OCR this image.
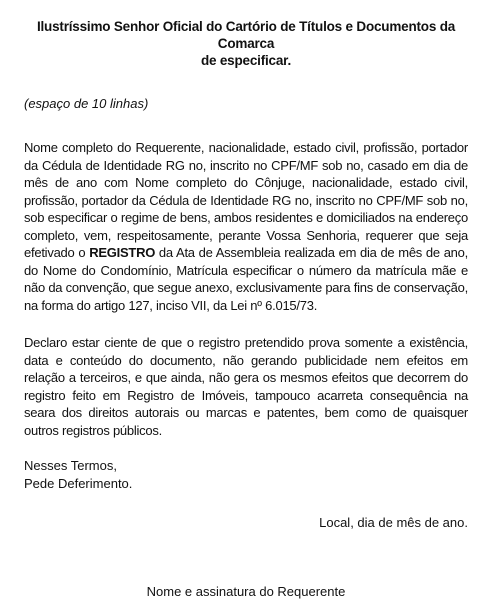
Ilustríssimo Senhor Oficial do Cartório de Títulos e Documentos da Comarca
de especificar.

(espaço de 10 linhas)

Nome completo do Requerente, nacionalidade, estado civil, profissão, portador da Cédula de Identidade RG no, inscrito no CPF/MF sob no, casado em dia de mês de ano com Nome completo do Cônjuge, nacionalidade, estado civil, profissão, portador da Cédula de Identidade RG no, inscrito no CPF/MF sob no, sob especificar o regime de bens, ambos residentes e domiciliados na endereço completo, vem, respeitosamente, perante Vossa Senhoria, requerer que seja efetivado o REGISTRO da Ata de Assembleia realizada em dia de mês de ano, do Nome do Condomínio, Matrícula especificar o número da matrícula mãe e não da convenção, que segue anexo, exclusivamente para fins de conservação, na forma do artigo 127, inciso VII, da Lei nº 6.015/73.

Declaro estar ciente de que o registro pretendido prova somente a existência, data e conteúdo do documento, não gerando publicidade nem efeitos em relação a terceiros, e que ainda, não gera os mesmos efeitos que decorrem do registro feito em Registro de Imóveis, tampouco acarreta consequência na seara dos direitos autorais ou marcas e patentes, bem como de quaisquer outros registros públicos.

Nesses Termos,
Pede Deferimento.
Local, dia de mês de ano.
Nome e assinatura do Requerente
